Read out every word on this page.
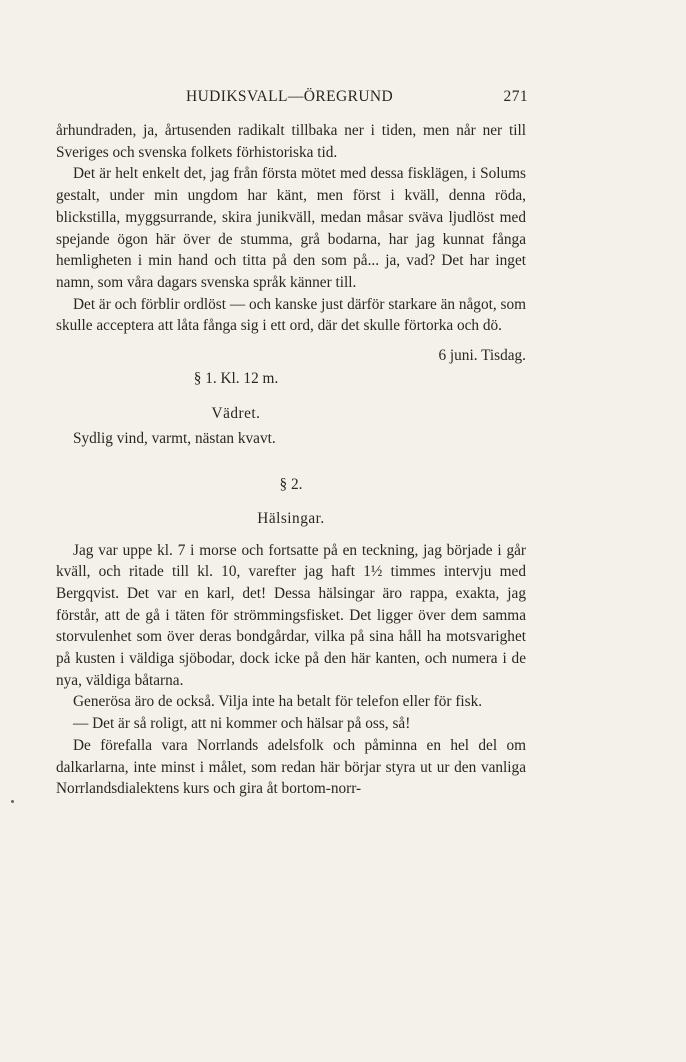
HUDIKSVALL—ÖREGRUND	271

århundraden, ja, årtusenden radikalt tillbaka ner i tiden, men når ner till Sveriges och svenska folkets förhistoriska tid.

Det är helt enkelt det, jag från första mötet med dessa fisklägen, i Solums gestalt, under min ungdom har känt, men först i kväll, denna röda, blickstilla, myggsurrande, skira junikväll, medan måsar sväva ljudlöst med spejande ögon här över de stumma, grå bodarna, har jag kunnat fånga hemligheten i min hand och titta på den som på... ja, vad? Det har inget namn, som våra dagars svenska språk känner till.

Det är och förblir ordlöst — och kanske just därför starkare än något, som skulle acceptera att låta fånga sig i ett ord, där det skulle förtorka och dö.

6 juni. Tisdag.

§ 1. Kl. 12 m.

Vädret.

Sydlig vind, varmt, nästan kvavt.

§ 2.

Hälsingar.

Jag var uppe kl. 7 i morse och fortsatte på en teckning, jag började i går kväll, och ritade till kl. 10, varefter jag haft 1½ timmes intervju med Bergqvist. Det var en karl, det! Dessa hälsingar äro rappa, exakta, jag förstår, att de gå i täten för strömmingsfisket. Det ligger över dem samma storvulenhet som över deras bondgårdar, vilka på sina håll ha motsvarighet på kusten i väldiga sjöbodar, dock icke på den här kanten, och numera i de nya, väldiga båtarna.

Generösa äro de också. Vilja inte ha betalt för telefon eller för fisk.

— Det är så roligt, att ni kommer och hälsar på oss, så!

De förefalla vara Norrlands adelsfolk och påminna en hel del om dalkarlarna, inte minst i målet, som redan här börjar styra ut ur den vanliga Norrlandsdialektens kurs och gira åt bortom-norr-
